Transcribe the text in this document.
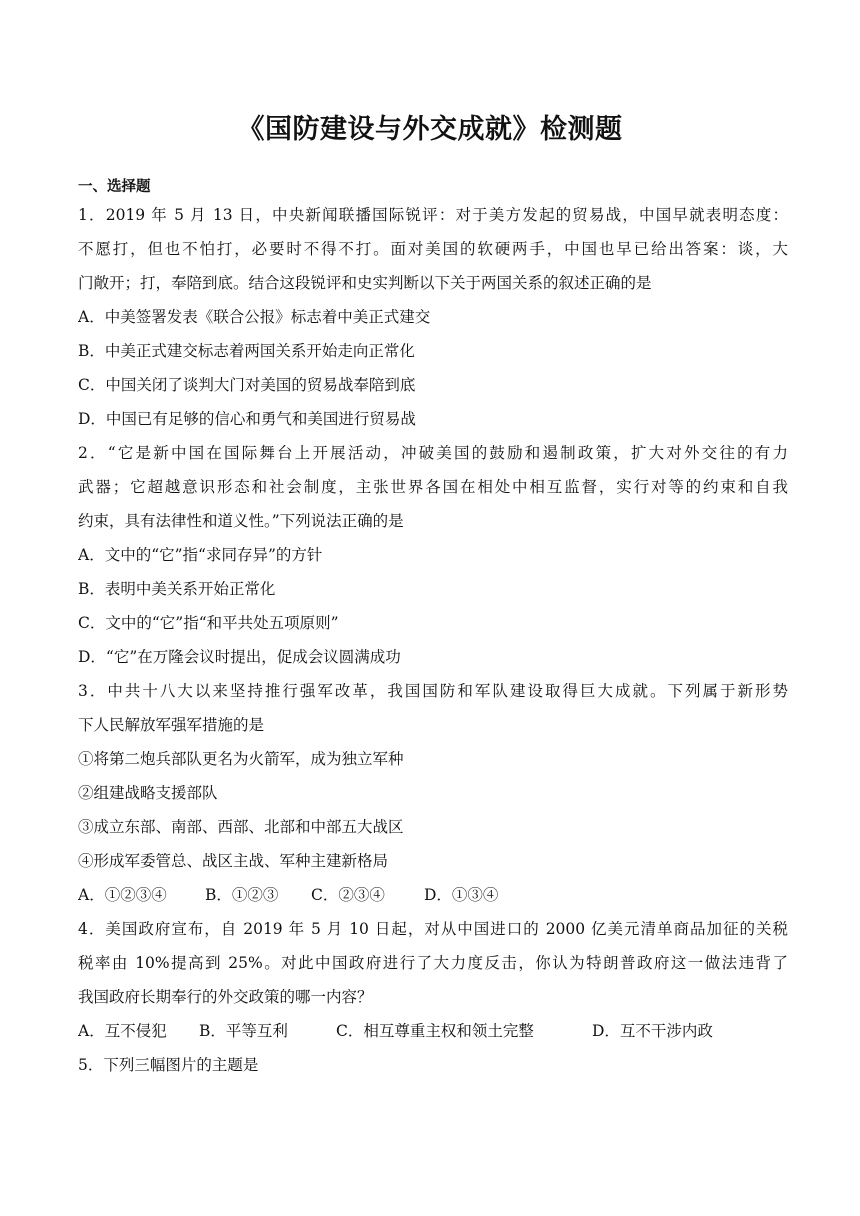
《国防建设与外交成就》检测题
一、选择题
1．2019 年 5 月 13 日，中央新闻联播国际锐评：对于美方发起的贸易战，中国早就表明态度：
不愿打，但也不怕打，必要时不得不打。面对美国的软硬两手，中国也早已给出答案：谈，大
门敞开；打，奉陪到底。结合这段锐评和史实判断以下关于两国关系的叙述正确的是
A．中美签署发表《联合公报》标志着中美正式建交
B．中美正式建交标志着两国关系开始走向正常化
C．中国关闭了谈判大门对美国的贸易战奉陪到底
D．中国已有足够的信心和勇气和美国进行贸易战
2．“它是新中国在国际舞台上开展活动，冲破美国的鼓励和遏制政策，扩大对外交往的有力
武器；它超越意识形态和社会制度，主张世界各国在相处中相互监督，实行对等的约束和自我
约束，具有法律性和道义性。”下列说法正确的是
A．文中的“它”指“求同存异”的方针
B．表明中美关系开始正常化
C．文中的“它”指“和平共处五项原则”
D．“它”在万隆会议时提出，促成会议圆满成功
3．中共十八大以来坚持推行强军改革，我国国防和军队建设取得巨大成就。下列属于新形势
下人民解放军强军措施的是
①将第二炮兵部队更名为火箭军，成为独立军种
②组建战略支援部队
③成立东部、南部、西部、北部和中部五大战区
④形成军委管总、战区主战、军种主建新格局
A．①②③④	B．①②③	C．②③④	D．①③④
4．美国政府宣布，自 2019 年 5 月 10 日起，对从中国进口的 2000 亿美元清单商品加征的关税
税率由 10%提高到 25%。对此中国政府进行了大力度反击，你认为特朗普政府这一做法违背了
我国政府长期奉行的外交政策的哪一内容？
A．互不侵犯	B．平等互利	C．相互尊重主权和领土完整	D．互不干涉内政
5．下列三幅图片的主题是
